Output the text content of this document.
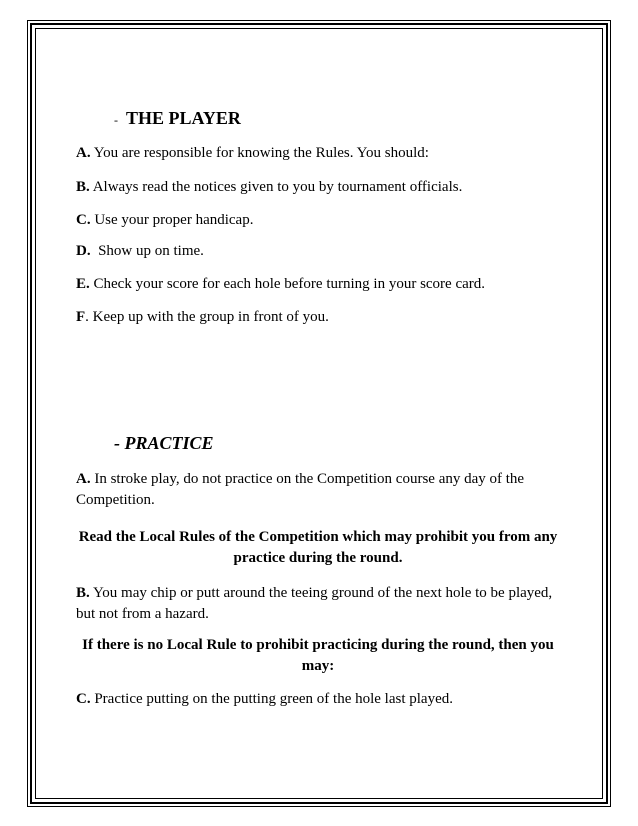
- THE PLAYER
A. You are responsible for knowing the Rules. You should:
B. Always read the notices given to you by tournament officials.
C. Use your proper handicap.
D.  Show up on time.
E. Check your score for each hole before turning in your score card.
F. Keep up with the group in front of you.
- PRACTICE
A. In stroke play, do not practice on the Competition course any day of the Competition.
Read the Local Rules of the Competition which may prohibit you from any practice during the round.
B. You may chip or putt around the teeing ground of the next hole to be played, but not from a hazard.
If there is no Local Rule to prohibit practicing during the round, then you may:
C. Practice putting on the putting green of the hole last played.
